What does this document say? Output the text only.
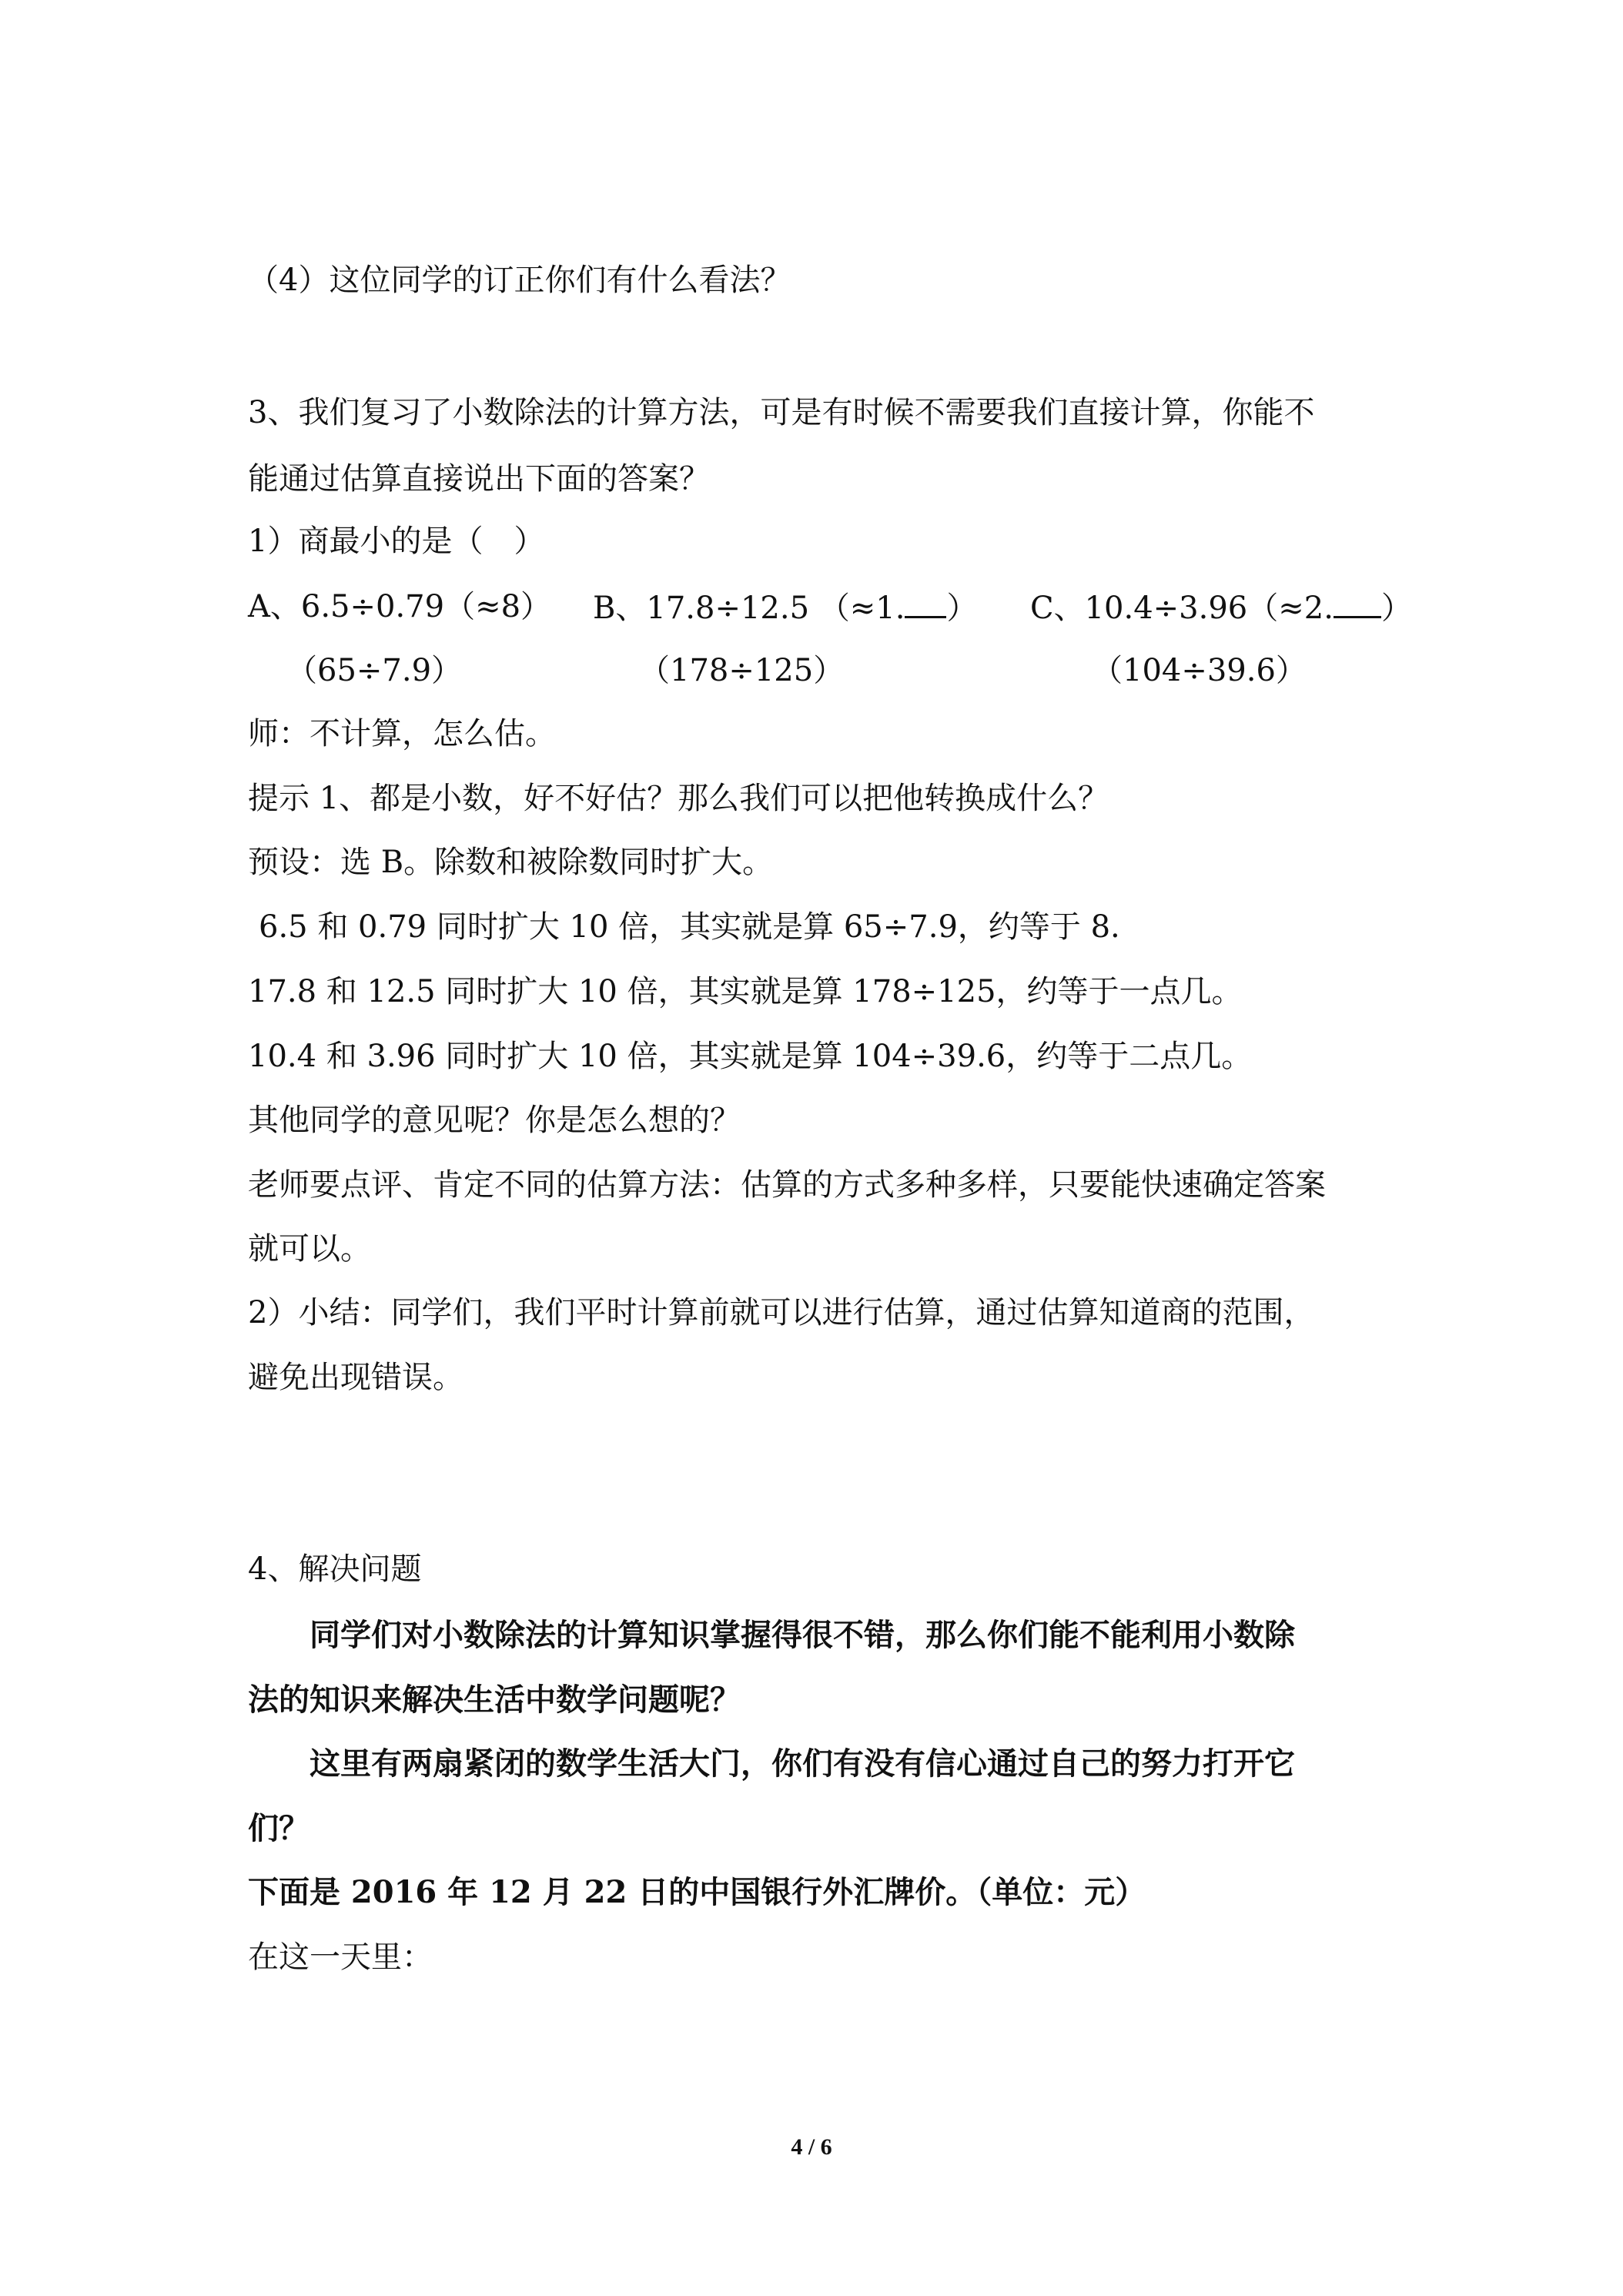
（4）这位同学的订正你们有什么看法？
3、我们复习了小数除法的计算方法，可是有时候不需要我们直接计算，你能不
能通过估算直接说出下面的答案？
1）商最小的是（　）
A、6.5÷0.79（≈8） B、17.8÷12.5 （≈1. ） C、10.4÷3.96（≈2. ）
（65÷7.9）	（178÷125）	（104÷39.6）
师：不计算，怎么估。
提示 1、都是小数，好不好估？那么我们可以把他转换成什么？
预设：选 B。除数和被除数同时扩大。
6.5 和 0.79 同时扩大 10 倍，其实就是算 65÷7.9，约等于 8.
17.8 和 12.5 同时扩大 10 倍，其实就是算 178÷125，约等于一点几。
10.4 和 3.96 同时扩大 10 倍，其实就是算 104÷39.6，约等于二点几。
其他同学的意见呢？你是怎么想的？
老师要点评、肯定不同的估算方法：估算的方式多种多样，只要能快速确定答案
就可以。
2）小结：同学们，我们平时计算前就可以进行估算，通过估算知道商的范围，
避免出现错误。
4、解决问题
同学们对小数除法的计算知识掌握得很不错，那么你们能不能利用小数除
法的知识来解决生活中数学问题呢？
这里有两扇紧闭的数学生活大门，你们有没有信心通过自己的努力打开它
们？
下面是 2016 年 12 月 22 日的中国银行外汇牌价。（单位：元）
在这一天里：
4 / 6
